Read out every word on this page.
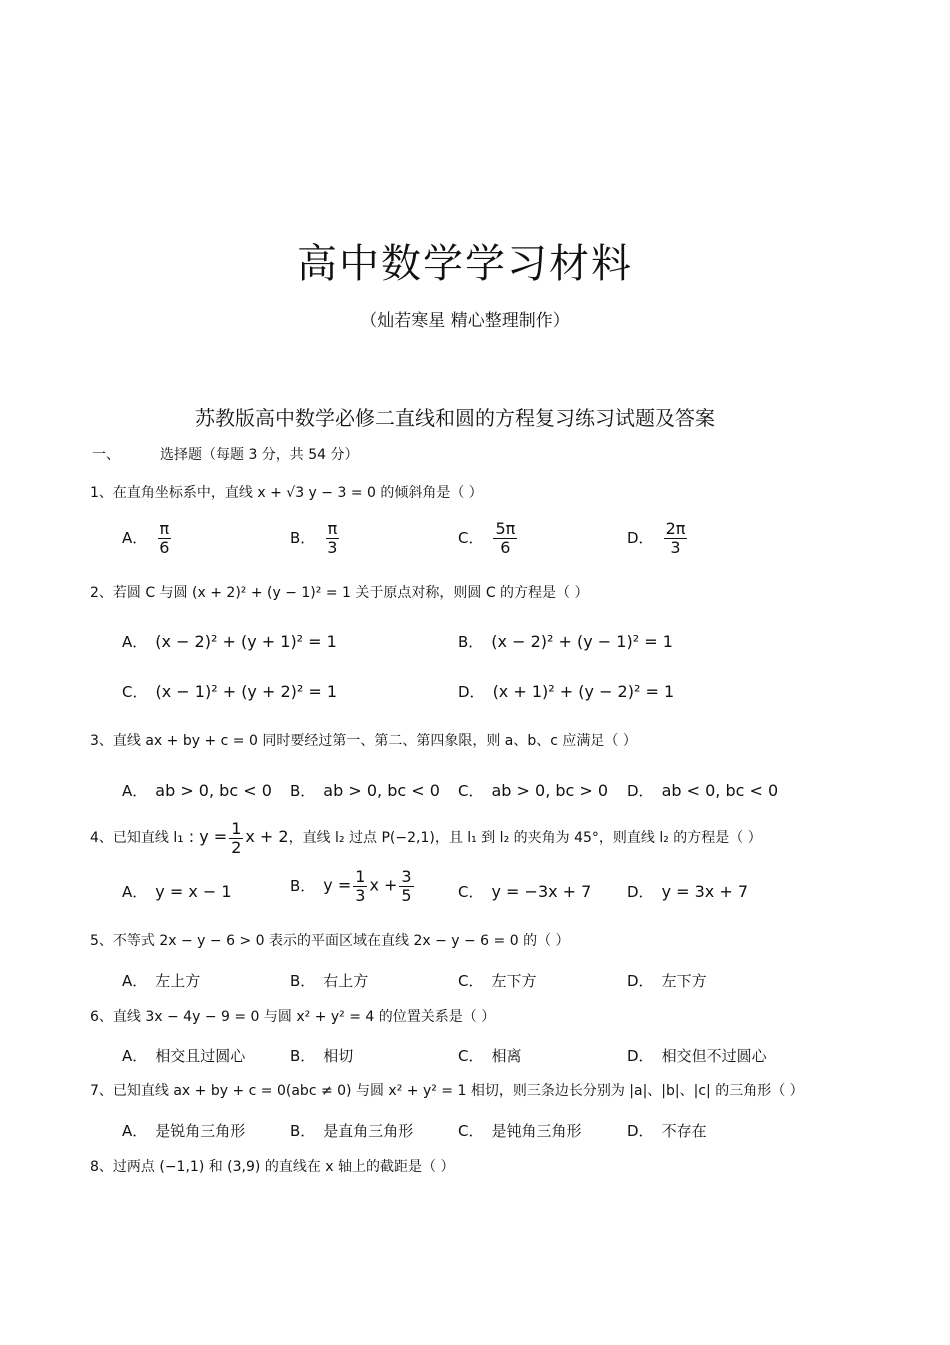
高中数学学习材料
（灿若寒星 精心整理制作）
苏教版高中数学必修二直线和圆的方程复习练习试题及答案
一、	选择题（每题 3 分，共 54 分）
1、在直角坐标系中，直线 x + √3 y − 3 = 0 的倾斜角是（ ）
A． $\frac{\pi}{6}$	B． $\frac{\pi}{3}$	C． $\frac{5\pi}{6}$	D． $\frac{2\pi}{3}$
2、若圆 C 与圆 (x + 2)² + (y − 1)² = 1 关于原点对称，则圆 C 的方程是（ ）
A． (x − 2)² + (y + 1)² = 1	B． (x − 2)² + (y − 1)² = 1
C． (x − 1)² + (y + 2)² = 1	D． (x + 1)² + (y − 2)² = 1
3、直线 ax + by + c = 0 同时要经过第一、第二、第四象限，则 a、b、c 应满足（ ）
A． ab > 0, bc < 0 B． ab > 0, bc < 0 C． ab > 0, bc > 0 D． ab < 0, bc < 0
4、已知直线 l₁ : $y = \frac{1}{2}$ x + 2，直线 l₂ 过点 P(−2,1)，且 l₁ 到 l₂ 的夹角为 45°，则直线 l₂ 的方程是（ ）
A． y = x − 1	B． $y = \frac{1}{3}$ $x + \frac{3}{5}$	C． y = −3x + 7 D． y = 3x + 7
5、不等式 2x − y − 6 > 0 表示的平面区域在直线 2x − y − 6 = 0 的（ ）
A． 左上方	B． 右上方	C． 左下方	D． 左下方
6、直线 3x − 4y − 9 = 0 与圆 x² + y² = 4 的位置关系是（ ）
A． 相交且过圆心	B． 相切	C． 相离	D． 相交但不过圆心
7、已知直线 ax + by + c = 0(abc ≠ 0) 与圆 x² + y² = 1 相切，则三条边长分别为 |a|、|b|、|c| 的三角形（ ）
A． 是锐角三角形	B． 是直角三角形	C． 是钝角三角形	D． 不存在
8、过两点 (−1,1) 和 (3,9) 的直线在 x 轴上的截距是（ ）
